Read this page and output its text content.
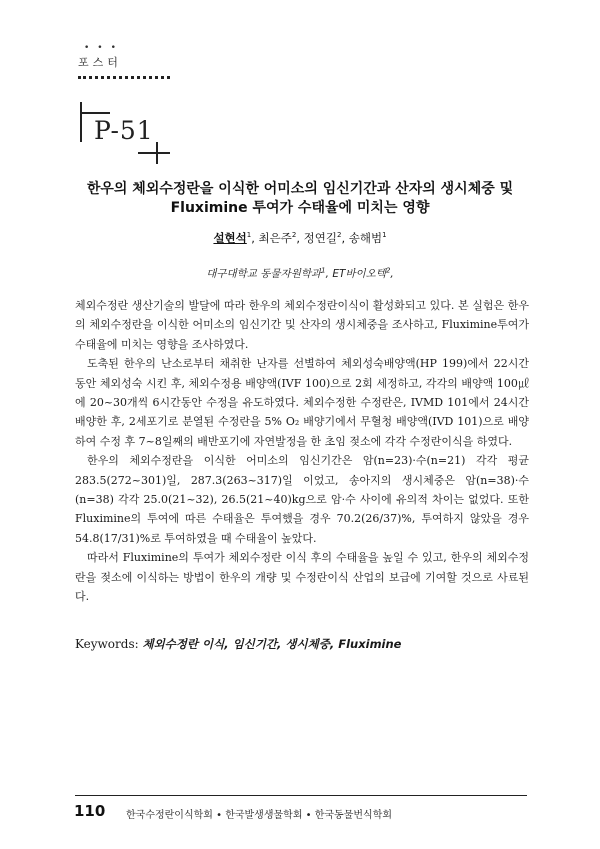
•••
포스터
P-51
한우의 체외수정란을 이식한 어미소의 임신기간과 산자의 생시체중 및
Fluximine 투여가 수태율에 미치는 영향
설현석$^1$, 최은주$^2$, 정연길$^2$, 송해범$^1$
대구대학교 동물자원학과$^1$, ET바이오텍$^2$,

체외수정란 생산기술의 발달에 따라 한우의 체외수정란이식이 활성화되고 있다. 본 실험은 한우의 체외수정란을 이식한 어미소의 임신기간 및 산자의 생시체중을 조사하고, Fluximine투여가 수태율에 미치는 영향을 조사하였다.

도축된 한우의 난소로부터 채취한 난자를 선별하여 체외성숙배양액(HP 199)에서 22시간 동안 체외성숙 시킨 후, 체외수정용 배양액(IVF 100)으로 2회 세정하고, 각각의 배양액 100㎕에 20~30개씩 6시간동안 수정을 유도하였다. 체외수정한 수정란은, IVMD 101에서 24시간 배양한 후, 2세포기로 분열된 수정란을 5% O₂ 배양기에서 무혈청 배양액(IVD 101)으로 배양하여 수정 후 7~8일째의 배반포기에 자연발정을 한 초임 젖소에 각각 수정란이식을 하였다.

한우의 체외수정란을 이식한 어미소의 임신기간은 암(n=23)·수(n=21) 각각 평균 283.5(272~301)일, 287.3(263~317)일 이었고, 송아지의 생시체중은 암(n=38)·수(n=38) 각각 25.0(21~32), 26.5(21~40)kg으로 암·수 사이에 유의적 차이는 없었다. 또한 Fluximine의 투여에 따른 수태율은 투여했을 경우 70.2(26/37)%, 투여하지 않았을 경우 54.8(17/31)%로 투여하였을 때 수태율이 높았다.

따라서 Fluximine의 투여가 체외수정란 이식 후의 수태율을 높일 수 있고, 한우의 체외수정란을 젖소에 이식하는 방법이 한우의 개량 및 수정란이식 산업의 보급에 기여할 것으로 사료된다.

Keywords: 체외수정란 이식, 임신기간, 생시체중, Fluximine
110 한국수정란이식학회 • 한국발생생물학회 • 한국동물번식학회
